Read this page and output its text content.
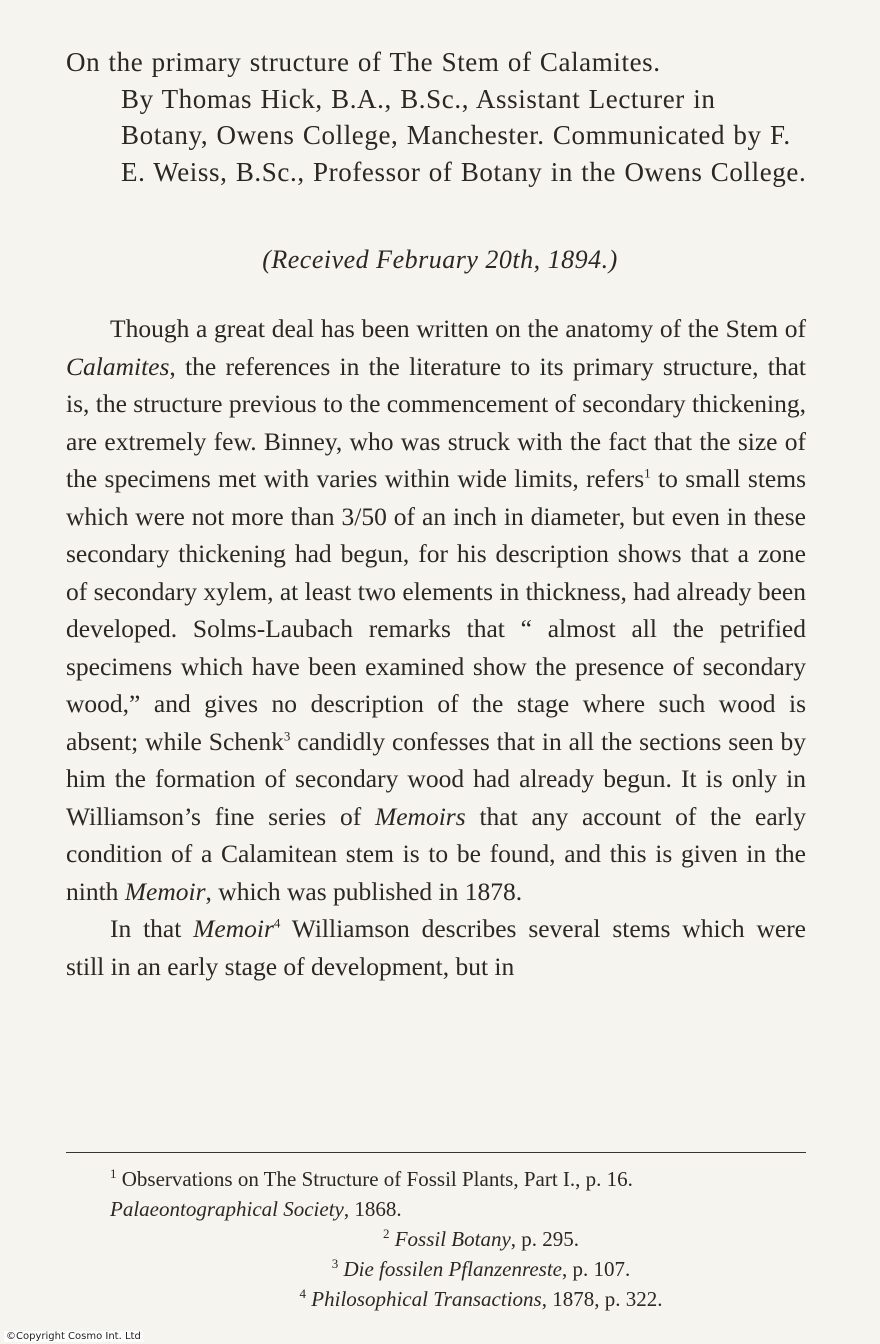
On the primary structure of The Stem of Calamites.
By Thomas Hick, B.A., B.Sc., Assistant Lecturer in Botany, Owens College, Manchester. Communicated by F. E. Weiss, B.Sc., Professor of Botany in the Owens College.
(Received February 20th, 1894.)

Though a great deal has been written on the anatomy of the Stem of Calamites, the references in the literature to its primary structure, that is, the structure previous to the commencement of secondary thickening, are extremely few. Binney, who was struck with the fact that the size of the specimens met with varies within wide limits, refers$^1$ to small stems which were not more than 3/50 of an inch in diameter, but even in these secondary thickening had begun, for his description shows that a zone of secondary xylem, at least two elements in thickness, had already been developed. Solms-Laubach remarks that “ almost all the petrified specimens which have been examined show the presence of secondary wood,” and gives no description of the stage where such wood is absent; while Schenk$^3$ candidly confesses that in all the sections seen by him the formation of secondary wood had already begun. It is only in Williamson’s fine series of Memoirs that any account of the early condition of a Calamitean stem is to be found, and this is given in the ninth Memoir, which was published in 1878.

In that Memoir$^4$ Williamson describes several stems which were still in an early stage of development, but in

$^1$ Observations on The Structure of Fossil Plants, Part I., p. 16. Palaeontographical Society, 1868.

$^2$ Fossil Botany, p. 295.

$^3$ Die fossilen Pflanzenreste, p. 107.

$^4$ Philosophical Transactions, 1878, p. 322.

©Copyright Cosmo Int. Ltd
